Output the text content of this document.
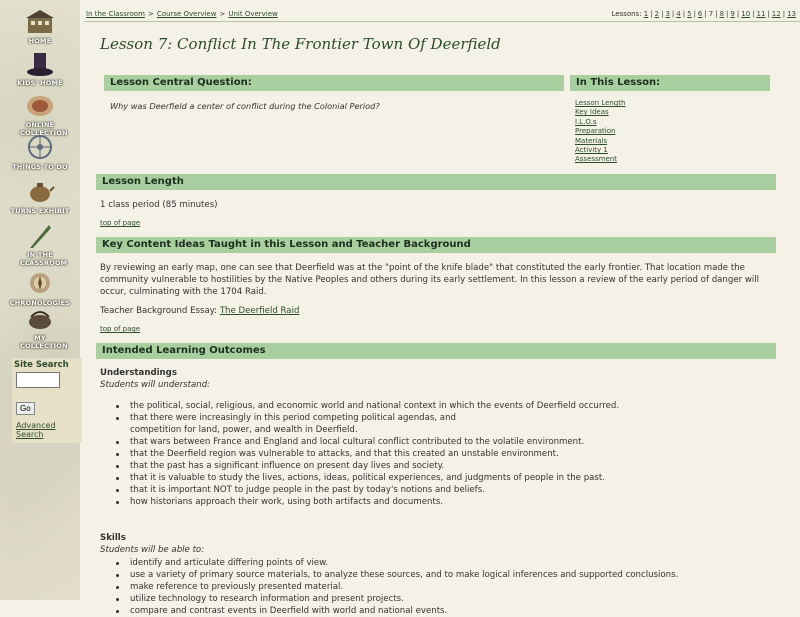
HOME
KIDS' HOME
ONLINE COLLECTION
THINGS TO DO
TURNS EXHIBIT
IN THE CLASSROOM
CHRONOLOGIES
MY COLLECTION
Site Search
Go
Advanced Search
In the Classroom > Course Overview > Unit Overview	Lessons: 1 | 2 | 3 | 4 | 5 | 6 | 7 | 8 | 9 | 10 | 11 | 12 | 13
Lesson 7: Conflict In The Frontier Town Of Deerfield
Lesson Central Question:
Why was Deerfield a center of conflict during the Colonial Period?
In This Lesson:
Lesson Length
Key Ideas
I.L.O.s
Preparation
Materials
Activity 1
Assessment
Lesson Length
1 class period (85 minutes)
top of page
Key Content Ideas Taught in this Lesson and Teacher Background
By reviewing an early map, one can see that Deerfield was at the "point of the knife blade" that constituted the early frontier. That location made the community vulnerable to hostilities by the Native Peoples and others during its early settlement. In this lesson a review of the early period of danger will occur, culminating with the 1704 Raid.
Teacher Background Essay: The Deerfield Raid
top of page
Intended Learning Outcomes
Understandings
Students will understand:
the political, social, religious, and economic world and national context in which the events of Deerfield occurred.
that there were increasingly in this period competing political agendas, and
competition for land, power, and wealth in Deerfield.
that wars between France and England and local cultural conflict contributed to the volatile environment.
that the Deerfield region was vulnerable to attacks, and that this created an unstable environment.
that the past has a significant influence on present day lives and society.
that it is valuable to study the lives, actions, ideas, political experiences, and judgments of people in the past.
that it is important NOT to judge people in the past by today's notions and beliefs.
how historians approach their work, using both artifacts and documents.
Skills
Students will be able to:
identify and articulate differing points of view.
use a variety of primary source materials, to analyze these sources, and to make logical inferences and supported conclusions.
make reference to previously presented material.
utilize technology to research information and present projects.
compare and contrast events in Deerfield with world and national events.
